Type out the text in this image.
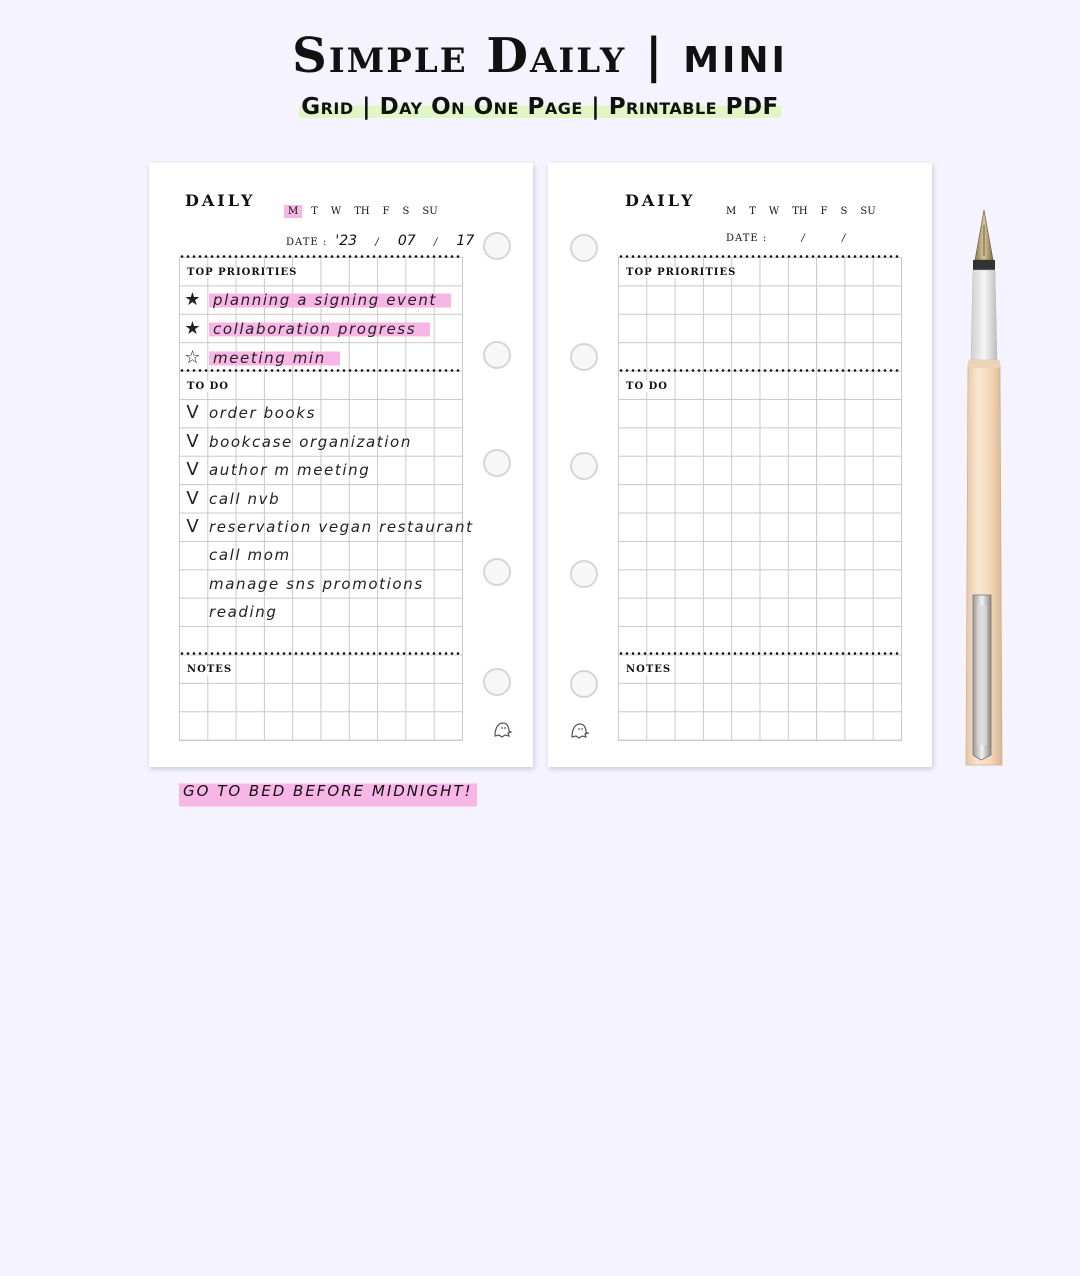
Simple Daily | MINI
Grid | Day On One Page | Printable PDF
DAILY
M	T	W	TH	F	S	SU
DATE : '23 / 07 / 17
TOP PRIORITIES
★ planning a signing event
★ collaboration progress
☆ meeting min
TO DO
V order books
V bookcase organization
V author m meeting
V call nvb
V reservation vegan restaurant
call mom
manage sns promotions
reading
NOTES
GO TO BED BEFORE MIDNIGHT!
DAILY
M	T	W	TH	F	S	SU
DATE :	/	/
TOP PRIORITIES
TO DO
NOTES
